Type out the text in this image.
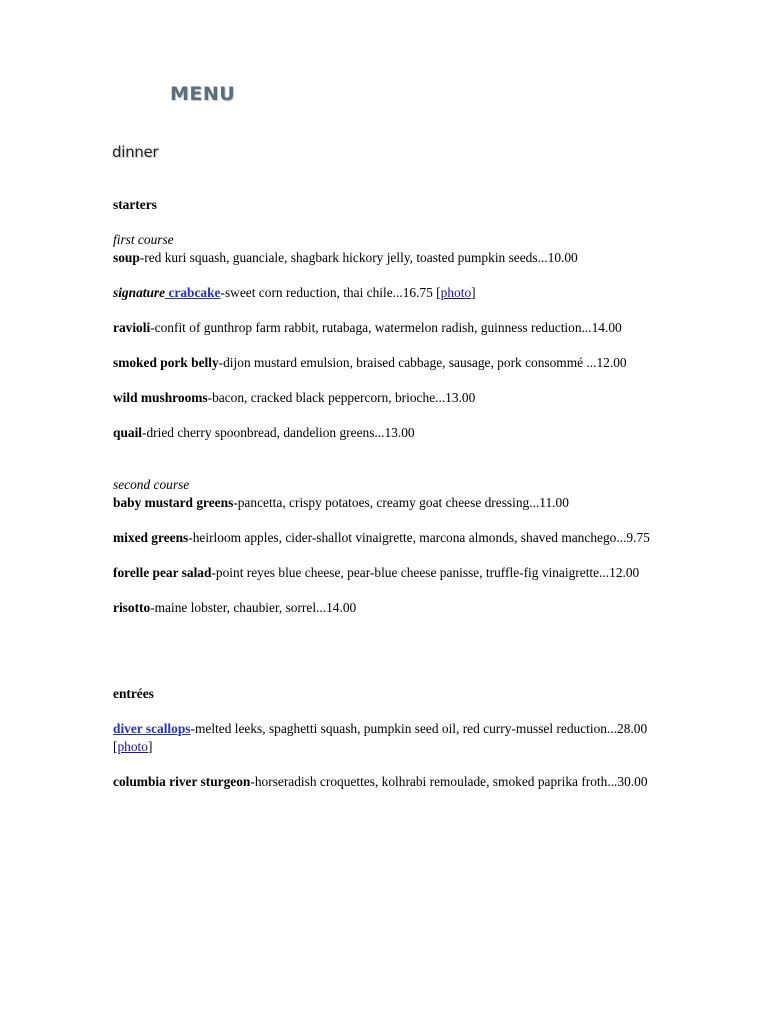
MENU
dinner
starters
first course

soup-red kuri squash, guanciale, shagbark hickory jelly, toasted pumpkin seeds...10.00

signature crabcake-sweet corn reduction, thai chile...16.75 [photo]

ravioli-confit of gunthrop farm rabbit, rutabaga, watermelon radish, guinness reduction...14.00

smoked pork belly-dijon mustard emulsion, braised cabbage, sausage, pork consommé ...12.00

wild mushrooms-bacon, cracked black peppercorn, brioche...13.00

quail-dried cherry spoonbread, dandelion greens...13.00

second course

baby mustard greens-pancetta, crispy potatoes, creamy goat cheese dressing...11.00

mixed greens-heirloom apples, cider-shallot vinaigrette, marcona almonds, shaved manchego...9.75

forelle pear salad-point reyes blue cheese, pear-blue cheese panisse, truffle-fig vinaigrette...12.00

risotto-maine lobster, chaubier, sorrel...14.00

entrées

diver scallops-melted leeks, spaghetti squash, pumpkin seed oil, red curry-mussel reduction...28.00 [photo]

columbia river sturgeon-horseradish croquettes, kolhrabi remoulade, smoked paprika froth...30.00
